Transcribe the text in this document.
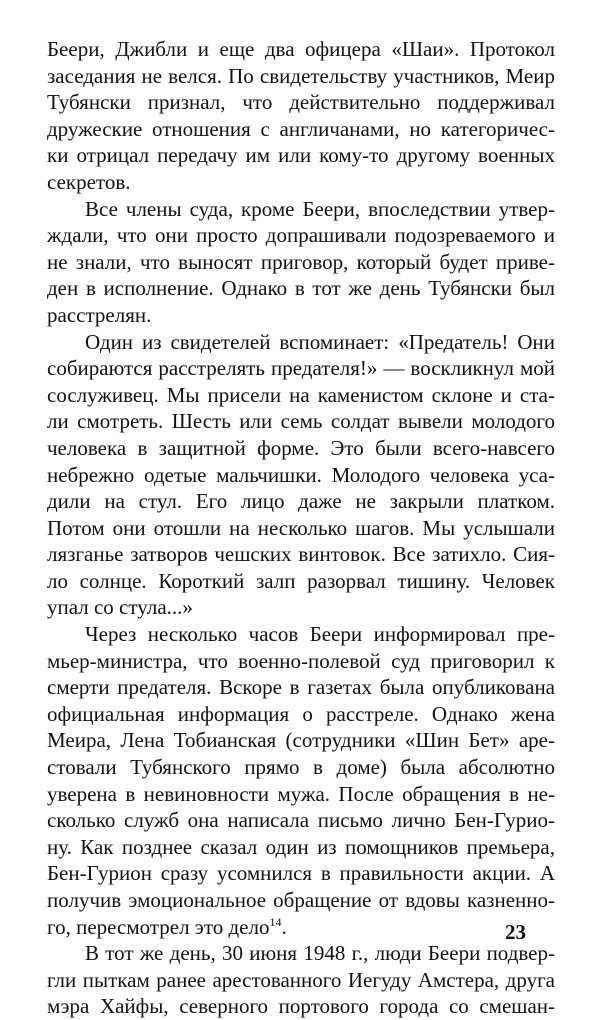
Беери, Джибли и еще два офицера «Шаи». Протокол
заседания не велся. По свидетельству участников, Меир
Тубянски признал, что действительно поддерживал
дружеские отношения с англичанами, но категоричес-
ки отрицал передачу им или кому-то другому военных
секретов.
Все члены суда, кроме Беери, впоследствии утвер-
ждали, что они просто допрашивали подозреваемого и
не знали, что выносят приговор, который будет приве-
ден в исполнение. Однако в тот же день Тубянски был
расстрелян.
Один из свидетелей вспоминает: «Предатель! Они
собираются расстрелять предателя!» — воскликнул мой
сослуживец. Мы присели на каменистом склоне и ста-
ли смотреть. Шесть или семь солдат вывели молодого
человека в защитной форме. Это были всего-навсего
небрежно одетые мальчишки. Молодого человека уса-
дили на стул. Его лицо даже не закрыли платком.
Потом они отошли на несколько шагов. Мы услышали
лязганье затворов чешских винтовок. Все затихло. Сия-
ло солнце. Короткий залп разорвал тишину. Человек
упал со стула...»
Через несколько часов Беери информировал пре-
мьер-министра, что военно-полевой суд приговорил к
смерти предателя. Вскоре в газетах была опубликована
официальная информация о расстреле. Однако жена
Меира, Лена Тобианская (сотрудники «Шин Бет» аре-
стовали Тубянского прямо в доме) была абсолютно
уверена в невиновности мужа. После обращения в не-
сколько служб она написала письмо лично Бен-Гурио-
ну. Как позднее сказал один из помощников премьера,
Бен-Гурион сразу усомнился в правильности акции. А
получив эмоциональное обращение от вдовы казненно-
го, пересмотрел это дело$^{14}$.
В тот же день, 30 июня 1948 г., люди Беери подвер-
гли пыткам ранее арестованного Иегуду Амстера, друга
мэра Хайфы, северного портового города со смешан-
23
